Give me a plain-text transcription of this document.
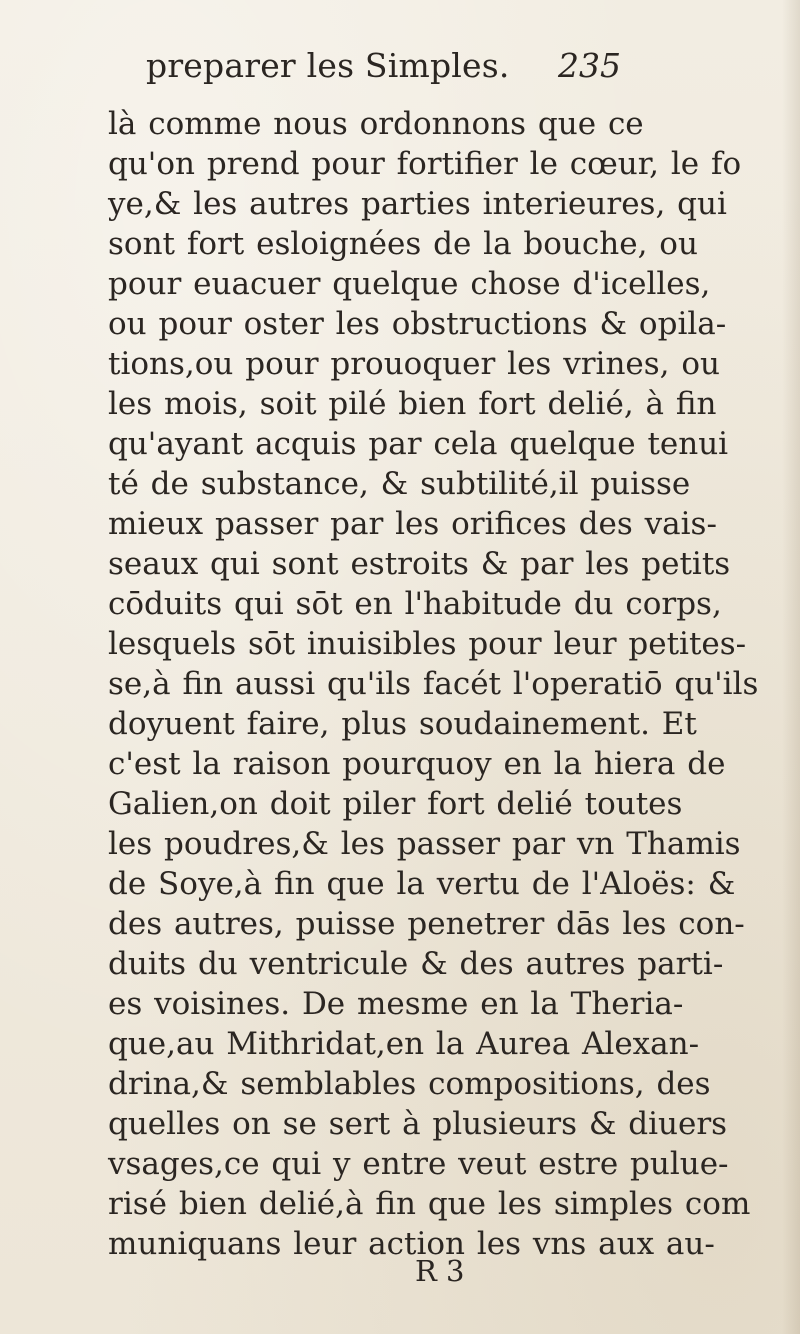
preparer les Simples. 235
là comme nous ordonnons que ce
qu'on prend pour fortifier le cœur, le fo
ye,& les autres parties interieures, qui
sont fort esloignées de la bouche, ou
pour euacuer quelque chose d'icelles,
ou pour oster les obstructions & opila-
tions,ou pour prouoquer les vrines, ou
les mois, soit pilé bien fort delié, à fin
qu'ayant acquis par cela quelque tenui
té de substance, & subtilité,il puisse
mieux passer par les orifices des vais-
seaux qui sont estroits & par les petits
cōduits qui sōt en l'habitude du corps,
lesquels sōt inuisibles pour leur petites-
se,à fin aussi qu'ils facét l'operatiō qu'ils
doyuent faire, plus soudainement. Et
c'est la raison pourquoy en la hiera de
Galien,on doit piler fort delié toutes
les poudres,& les passer par vn Thamis
de Soye,à fin que la vertu de l'Aloës: &
des autres, puisse penetrer dās les con-
duits du ventricule & des autres parti-
es voisines. De mesme en la Theria-
que,au Mithridat,en la Aurea Alexan-
drina,& semblables compositions, des
quelles on se sert à plusieurs & diuers
vsages,ce qui y entre veut estre pulue-
risé bien delié,à fin que les simples com
muniquans leur action les vns aux au-
R 3
